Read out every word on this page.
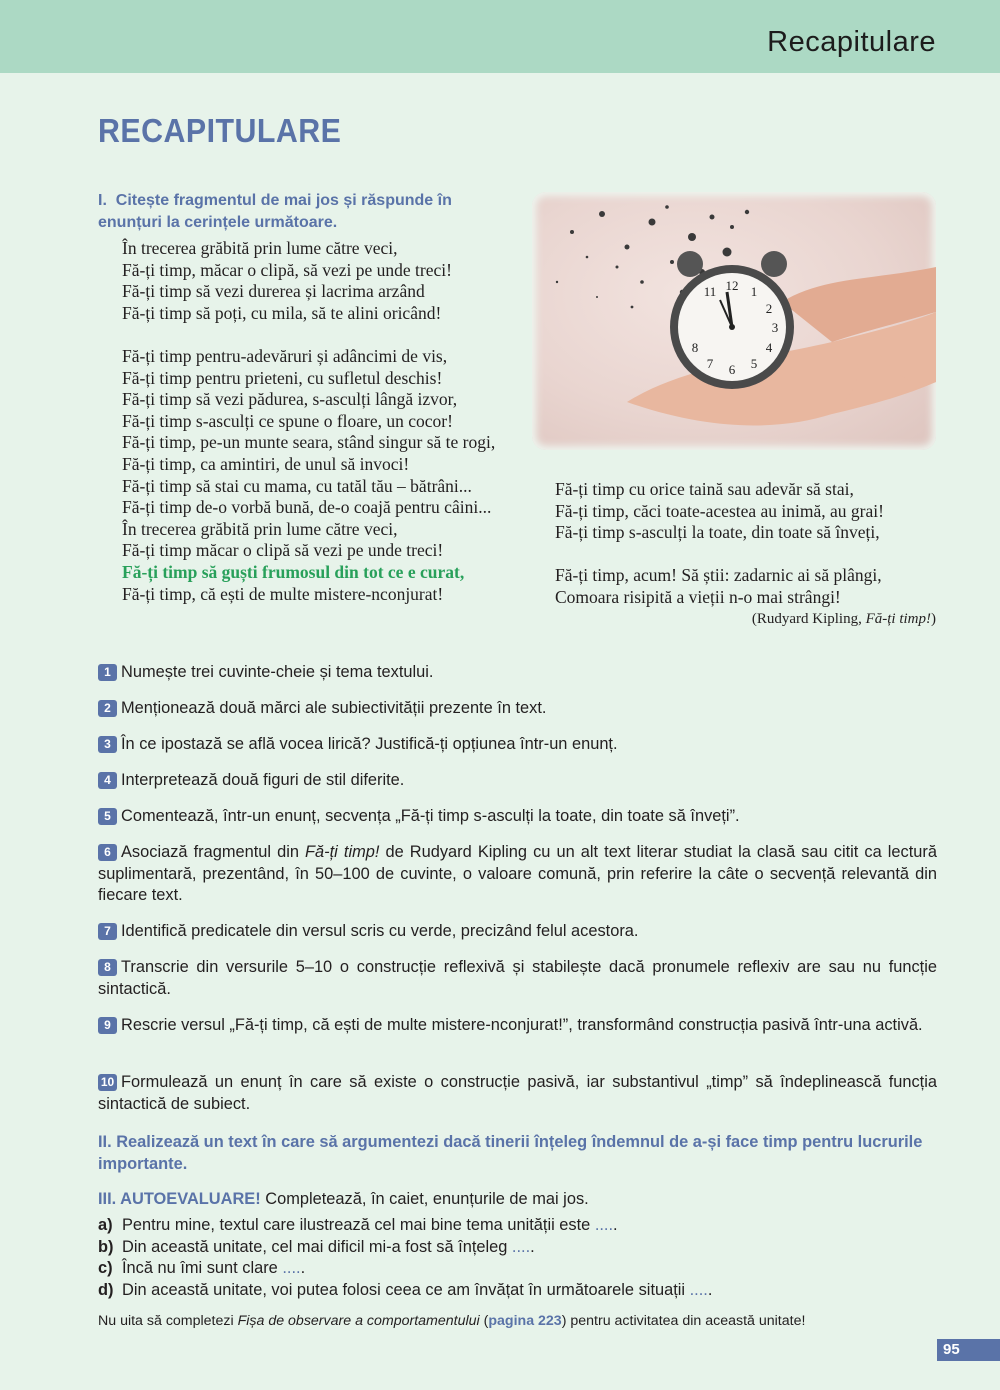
Recapitulare
RECAPITULARE
I. Citește fragmentul de mai jos și răspunde în enunțuri la cerințele următoare.
În trecerea grăbită prin lume către veci,
Fă-ți timp, măcar o clipă, să vezi pe unde treci!
Fă-ți timp să vezi durerea și lacrima arzând
Fă-ți timp să poți, cu mila, să te alini oricând!
Fă-ți timp pentru-adevăruri și adâncimi de vis,
Fă-ți timp pentru prieteni, cu sufletul deschis!
Fă-ți timp să vezi pădurea, s-asculți lângă izvor,
Fă-ți timp s-asculți ce spune o floare, un cocor!
Fă-ți timp, pe-un munte seara, stând singur să te rogi,
Fă-ți timp, ca amintiri, de unul să invoci!
Fă-ți timp să stai cu mama, cu tatăl tău – bătrâni...
Fă-ți timp de-o vorbă bună, de-o coajă pentru câini...
În trecerea grăbită prin lume către veci,
Fă-ți timp măcar o clipă să vezi pe unde treci!
Fă-ți timp să guști frumosul din tot ce e curat,
Fă-ți timp, că ești de multe mistere-nconjurat!
12 1
2
3
4
5
6
7
8
11
Fă-ți timp cu orice taină sau adevăr să stai,
Fă-ți timp, căci toate-acestea au inimă, au grai!
Fă-ți timp s-asculți la toate, din toate să înveți,
Fă-ți timp, acum! Să știi: zadarnic ai să plângi,
Comoara risipită a vieții n-o mai strângi!
(Rudyard Kipling, Fă-ți timp!)
1 Numește trei cuvinte-cheie și tema textului.
2 Menționează două mărci ale subiectivității prezente în text.
3 În ce ipostază se află vocea lirică? Justifică-ți opțiunea într-un enunț.
4 Interpretează două figuri de stil diferite.
5 Comentează, într-un enunț, secvența „Fă-ți timp s-asculți la toate, din toate să înveți”.
6 Asociază fragmentul din Fă-ți timp! de Rudyard Kipling cu un alt text literar studiat la clasă sau citit ca lectură suplimentară, prezentând, în 50–100 de cuvinte, o valoare comună, prin referire la câte o secvență relevantă din fiecare text.
7 Identifică predicatele din versul scris cu verde, precizând felul acestora.
8 Transcrie din versurile 5–10 o construcție reflexivă și stabilește dacă pronumele reflexiv are sau nu funcție sintactică.
9 Rescrie versul „Fă-ți timp, că ești de multe mistere-nconjurat!”, transformând construcția pasivă într-una activă.
10 Formulează un enunț în care să existe o construcție pasivă, iar substantivul „timp” să îndeplinească funcția sintactică de subiect.
II. Realizează un text în care să argumentezi dacă tinerii înțeleg îndemnul de a-și face timp pentru lucrurile importante.
III. AUTOEVALUARE! Completează, în caiet, enunțurile de mai jos.
a) Pentru mine, textul care ilustrează cel mai bine tema unității este .....
b) Din această unitate, cel mai dificil mi-a fost să înțeleg .....
c) Încă nu îmi sunt clare .....
d) Din această unitate, voi putea folosi ceea ce am învățat în următoarele situații .....
Nu uita să completezi Fișa de observare a comportamentului (pagina 223) pentru activitatea din această unitate!
95
